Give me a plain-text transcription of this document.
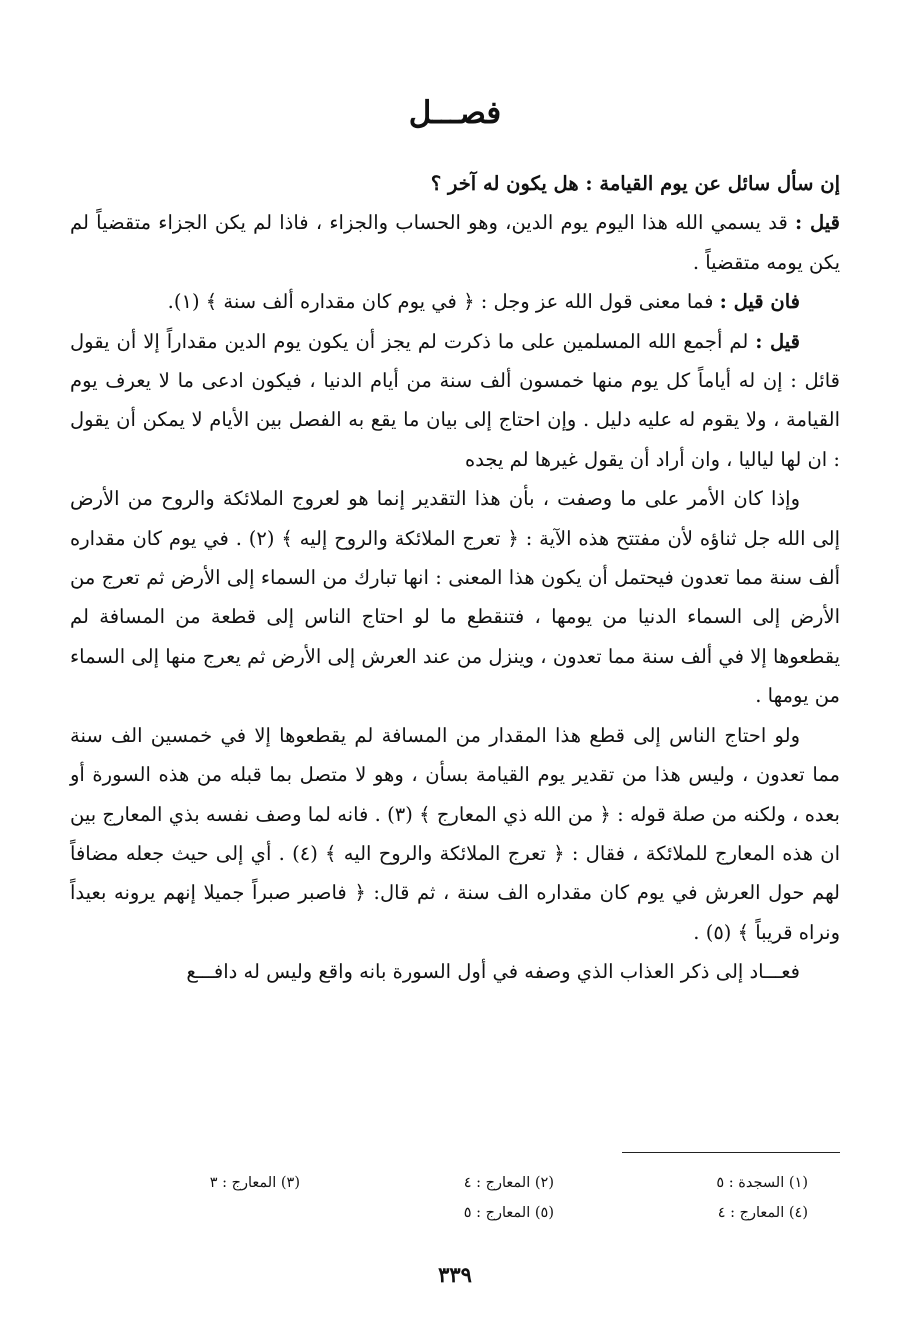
فصـــل

إن سأل سائل عن يوم القيامة : هل يكون له آخر ؟

قيل : قد يسمي الله هذا اليوم يوم الدين، وهو الحساب والجزاء ، فاذا لم يكن الجزاء متقضياً لم يكن يومه متقضياً .

فان قيل : فما معنى قول الله عز وجل : ﴿ في يوم كان مقداره ألف سنة ﴾ (١).

قيل : لم أجمع الله المسلمين على ما ذكرت لم يجز أن يكون يوم الدين مقداراً إلا أن يقول قائل : إن له أياماً كل يوم منها خمسون ألف سنة من أيام الدنيا ، فيكون ادعى ما لا يعرف يوم القيامة ، ولا يقوم له عليه دليل . وإن احتاج إلى بيان ما يقع به الفصل بين الأيام لا يمكن أن يقول : ان لها لياليا ، وان أراد أن يقول غيرها لم يجده

وإذا كان الأمر على ما وصفت ، بأن هذا التقدير إنما هو لعروج الملائكة والروح من الأرض إلى الله جل ثناؤه لأن مفتتح هذه الآية : ﴿ تعرج الملائكة والروح إليه ﴾ (٢) . في يوم كان مقداره ألف سنة مما تعدون فيحتمل أن يكون هذا المعنى : انها تبارك من السماء إلى الأرض ثم تعرج من الأرض إلى السماء الدنيا من يومها ، فتنقطع ما لو احتاج الناس إلى قطعة من المسافة لم يقطعوها إلا في ألف سنة مما تعدون ، وينزل من عند العرش إلى الأرض ثم يعرج منها إلى السماء من يومها .

ولو احتاج الناس إلى قطع هذا المقدار من المسافة لم يقطعوها إلا في خمسين الف سنة مما تعدون ، وليس هذا من تقدير يوم القيامة بسأن ، وهو لا متصل بما قبله من هذه السورة أو بعده ، ولكنه من صلة قوله : ﴿ من الله ذي المعارج ﴾ (٣) . فانه لما وصف نفسه بذي المعارج بين ان هذه المعارج للملائكة ، فقال : ﴿ تعرج الملائكة والروح اليه ﴾ (٤) . أي إلى حيث جعله مضافاً لهم حول العرش في يوم كان مقداره الف سنة ، ثم قال: ﴿ فاصبر صبراً جميلا إنهم يرونه بعيداً ونراه قريباً ﴾ (٥) .

فعـــاد إلى ذكر العذاب الذي وصفه في أول السورة بانه واقع وليس له دافـــع

(١) السجدة : ٥
(٢) المعارج : ٤
(٣) المعارج : ٣
(٤) المعارج : ٤
(٥) المعارج : ٥
٣٣٩
